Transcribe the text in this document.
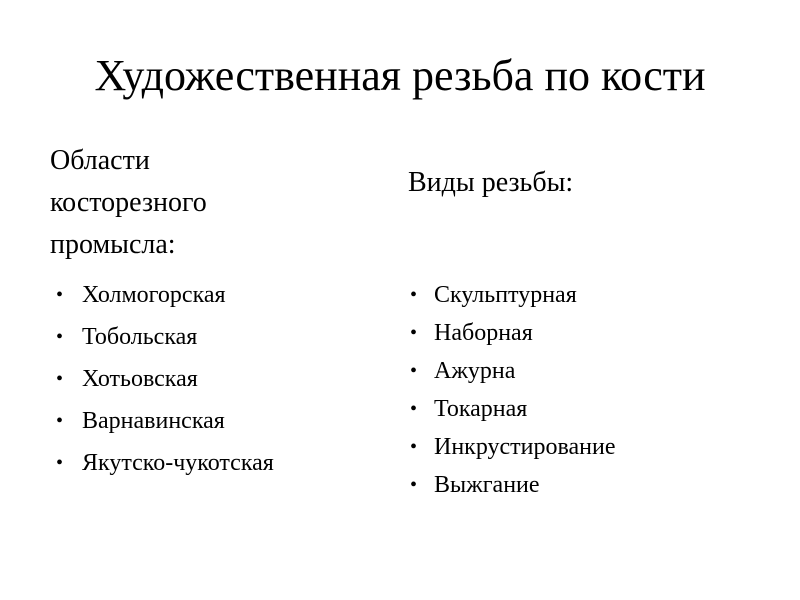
Художественная резьба по кости
Области косторезного промысла:
• Холмогорская
• Тобольская
• Хотьовская
• Варнавинская
• Якутско-чукотская
Виды резьбы:
• Скульптурная
• Наборная
• Ажурна
• Токарная
• Инкрустирование
• Выжгание
